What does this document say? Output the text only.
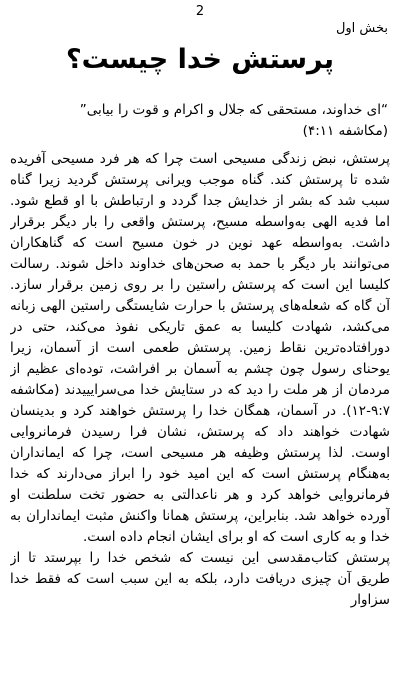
2
بخش اول
پرستش خدا چیست؟
“ای خداوند، مستحقی که جلال و اکرام و قوت را بیابی”
(مکاشفه ۴:۱۱)

پرستش، نبض زندگی مسیحی است چرا که هر فرد مسیحی آفریده شده تا پرستش کند. گناه موجب ویرانی پرستش گردید زیرا گناه سبب شد که بشر از خدایش جدا گردد و ارتباطش با او قطع شود. اما فدیه الهی به‌واسطه مسیح، پرستش واقعی را بار دیگر برقرار داشت. به‌واسطه عهد نوین در خون مسیح است که گناهکاران می‌توانند بار دیگر با حمد به صحن‌های خداوند داخل شوند. رسالت کلیسا این است که پرستش راستین را بر روی زمین برقرار سازد. آن گاه که شعله‌های پرستش با حرارت شایستگی راستین الهی زبانه می‌کشد، شهادت کلیسا به عمق تاریکی نفوذ می‌کند، حتی در دورافتاده‌ترین نقاط زمین. پرستش طعمی است از آسمان، زیرا یوحنای رسول چون چشم به آسمان بر افراشت، توده‌ای عظیم از مردمان از هر ملت را دید که در ستایش خدا می‌سرایییدند (مکاشفه ۹:۷-۱۲). در آسمان، همگان خدا را پرستش خواهند کرد و بدینسان شهادت خواهند داد که پرستش، نشان فرا رسیدن فرمانروایی اوست. لذا پرستش وظیفه هر مسیحی است، چرا که ایمانداران به‌هنگام پرستش است که این امید خود را ابراز می‌دارند که خدا فرمانروایی خواهد کرد و هر ناعدالتی به حضور تخت سلطنت او آورده خواهد شد. بنابراین، پرستش همانا واکنش مثبت ایمانداران به خدا و به کاری است که او برای ایشان انجام داده است.

پرستش کتاب‌مقدسی این نیست که شخص خدا را بپرستد تا از طریق آن چیزی دریافت دارد، بلکه به این سبب است که فقط خدا سزاوار
